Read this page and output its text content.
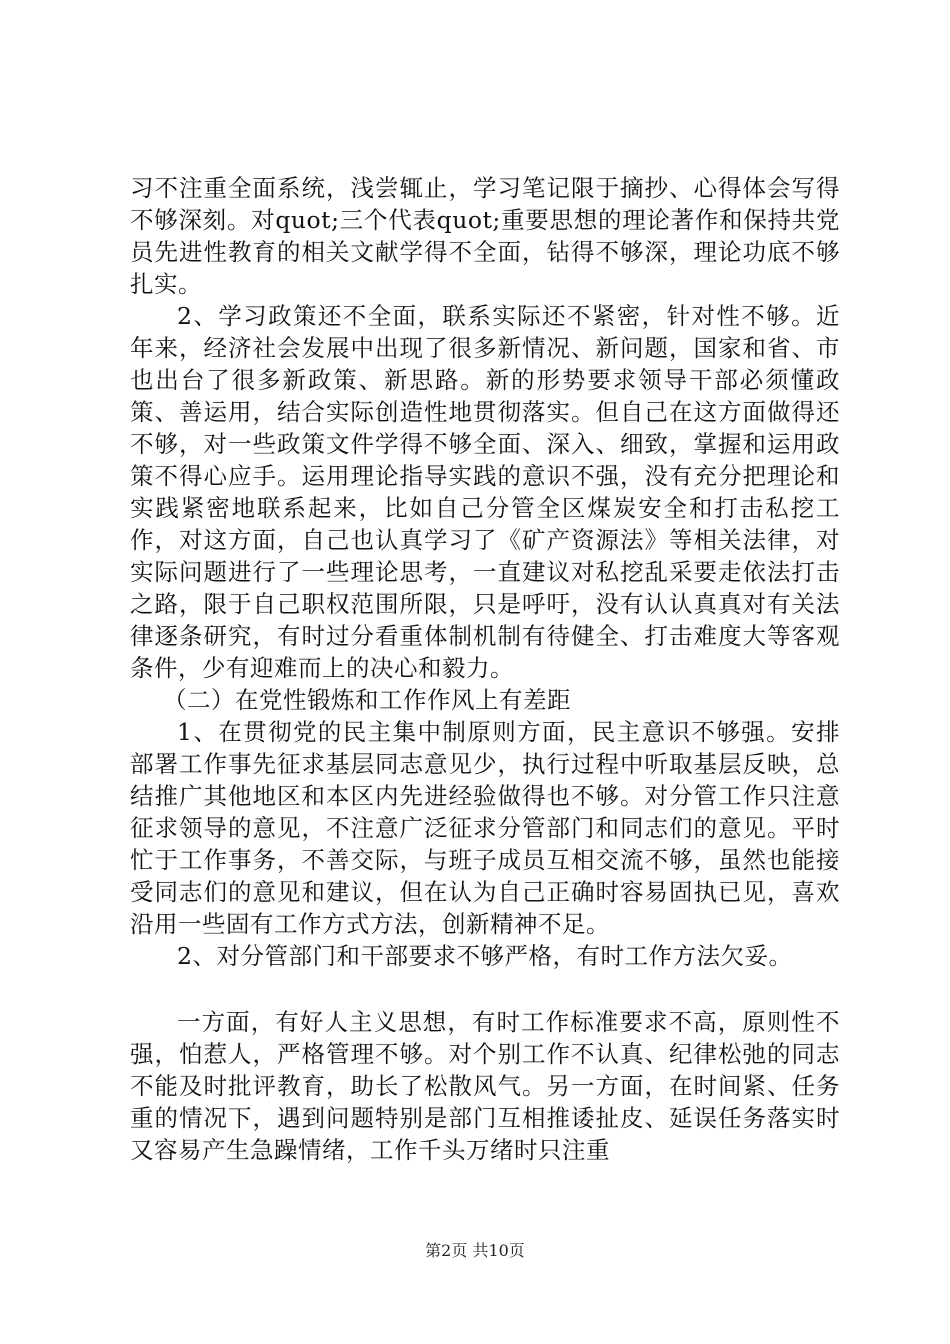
习不注重全面系统，浅尝辄止，学习笔记限于摘抄、心得体会写得不够深刻。对quot;三个代表quot;重要思想的理论著作和保持共党员先进性教育的相关文献学得不全面，钻得不够深，理论功底不够扎实。

2、学习政策还不全面，联系实际还不紧密，针对性不够。近年来，经济社会发展中出现了很多新情况、新问题，国家和省、市也出台了很多新政策、新思路。新的形势要求领导干部必须懂政策、善运用，结合实际创造性地贯彻落实。但自己在这方面做得还不够，对一些政策文件学得不够全面、深入、细致，掌握和运用政策不得心应手。运用理论指导实践的意识不强，没有充分把理论和实践紧密地联系起来，比如自己分管全区煤炭安全和打击私挖工作，对这方面，自己也认真学习了《矿产资源法》等相关法律，对实际问题进行了一些理论思考，一直建议对私挖乱采要走依法打击之路，限于自己职权范围所限，只是呼吁，没有认认真真对有关法律逐条研究，有时过分看重体制机制有待健全、打击难度大等客观条件，少有迎难而上的决心和毅力。

（二）在党性锻炼和工作作风上有差距

1、在贯彻党的民主集中制原则方面，民主意识不够强。安排部署工作事先征求基层同志意见少，执行过程中听取基层反映，总结推广其他地区和本区内先进经验做得也不够。对分管工作只注意征求领导的意见，不注意广泛征求分管部门和同志们的意见。平时忙于工作事务，不善交际，与班子成员互相交流不够，虽然也能接受同志们的意见和建议，但在认为自己正确时容易固执已见，喜欢沿用一些固有工作方式方法，创新精神不足。

2、对分管部门和干部要求不够严格，有时工作方法欠妥。

一方面，有好人主义思想，有时工作标准要求不高，原则性不强，怕惹人，严格管理不够。对个别工作不认真、纪律松弛的同志不能及时批评教育，助长了松散风气。另一方面，在时间紧、任务重的情况下，遇到问题特别是部门互相推诿扯皮、延误任务落实时又容易产生急躁情绪，工作千头万绪时只注重

第2页 共10页
